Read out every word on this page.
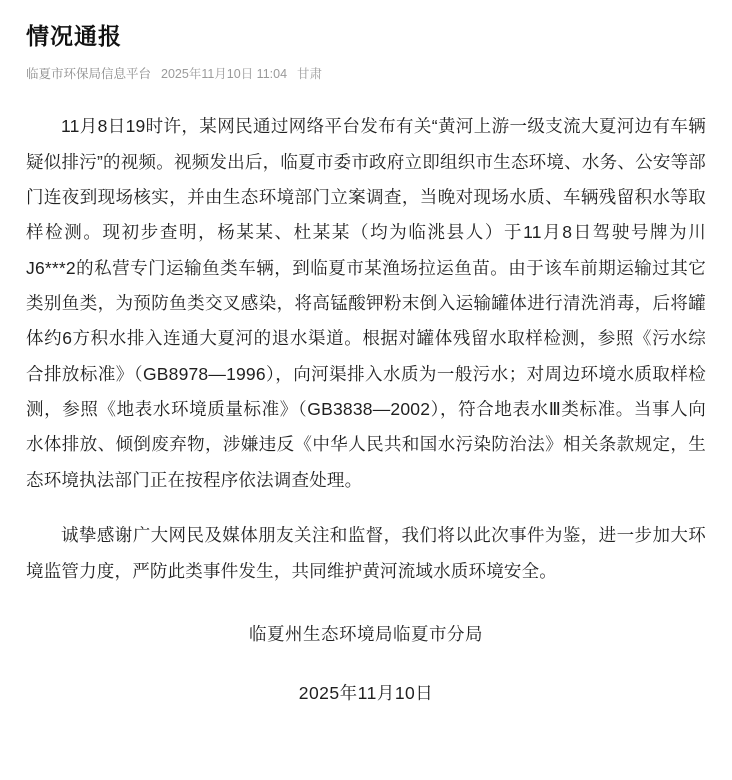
情况通报
临夏市环保局信息平台 2025年11月10日 11:04 甘肃

11月8日19时许，某网民通过网络平台发布有关“黄河上游一级支流大夏河边有车辆疑似排污”的视频。视频发出后，临夏市委市政府立即组织市生态环境、水务、公安等部门连夜到现场核实，并由生态环境部门立案调查，当晚对现场水质、车辆残留积水等取样检测。现初步查明，杨某某、杜某某（均为临洮县人）于11月8日驾驶号牌为川J6***2的私营专门运输鱼类车辆，到临夏市某渔场拉运鱼苗。由于该车前期运输过其它类别鱼类，为预防鱼类交叉感染，将高锰酸钾粉末倒入运输罐体进行清洗消毒，后将罐体约6方积水排入连通大夏河的退水渠道。根据对罐体残留水取样检测，参照《污水综合排放标准》（GB8978—1996），向河渠排入水质为一般污水；对周边环境水质取样检测，参照《地表水环境质量标准》（GB3838—2002），符合地表水Ⅲ类标准。当事人向水体排放、倾倒废弃物，涉嫌违反《中华人民共和国水污染防治法》相关条款规定，生态环境执法部门正在按程序依法调查处理。

诚挚感谢广大网民及媒体朋友关注和监督，我们将以此次事件为鉴，进一步加大环境监管力度，严防此类事件发生，共同维护黄河流域水质环境安全。

临夏州生态环境局临夏市分局
2025年11月10日
